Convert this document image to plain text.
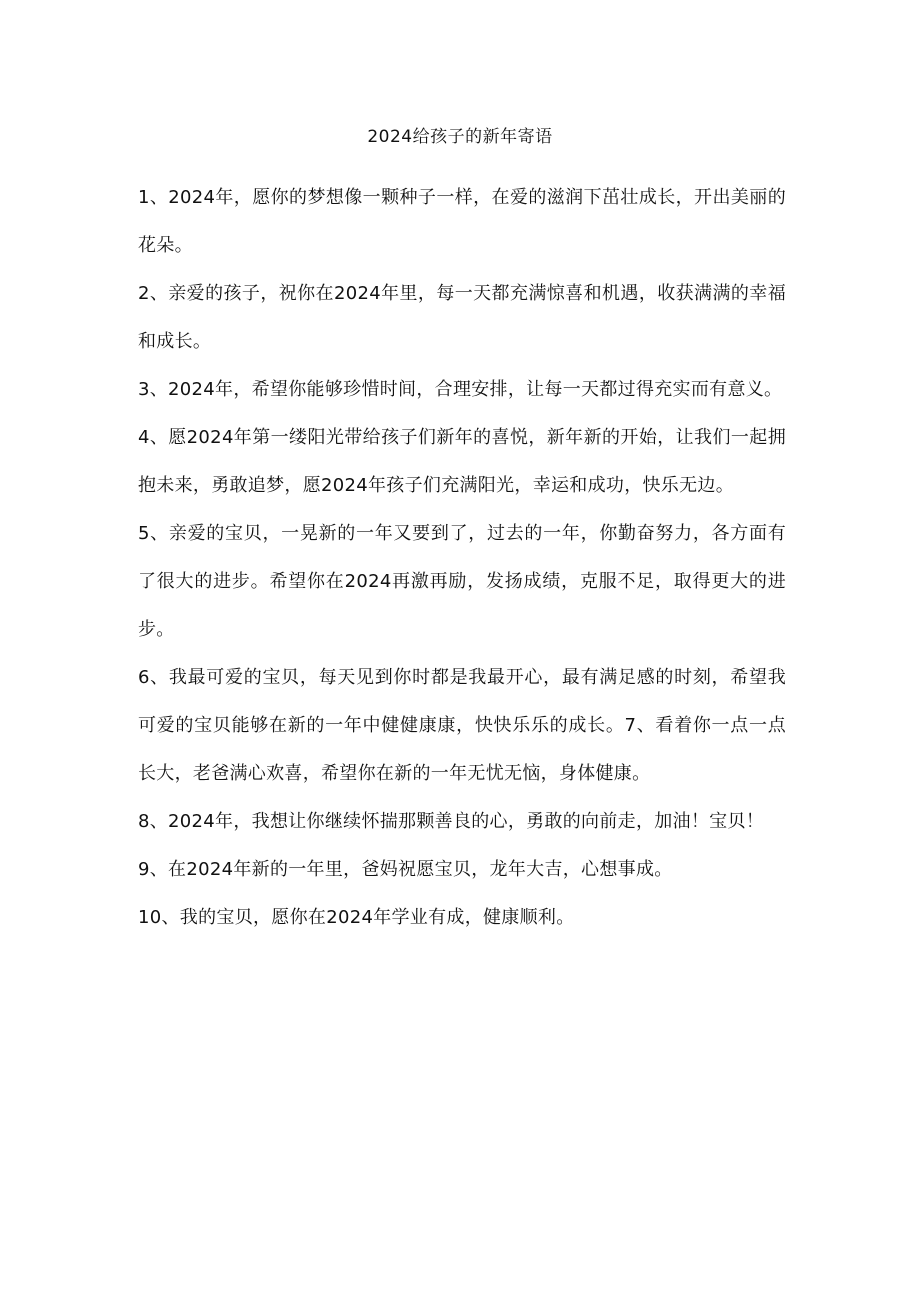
2024给孩子的新年寄语

1、2024年，愿你的梦想像一颗种子一样，在爱的滋润下茁壮成长，开出美丽的花朵。

2、亲爱的孩子，祝你在2024年里，每一天都充满惊喜和机遇，收获满满的幸福和成长。

3、2024年，希望你能够珍惜时间，合理安排，让每一天都过得充实而有意义。

4、愿2024年第一缕阳光带给孩子们新年的喜悦，新年新的开始，让我们一起拥抱未来，勇敢追梦，愿2024年孩子们充满阳光，幸运和成功，快乐无边。

5、亲爱的宝贝，一晃新的一年又要到了，过去的一年，你勤奋努力，各方面有了很大的进步。希望你在2024再激再励，发扬成绩，克服不足，取得更大的进步。

6、我最可爱的宝贝，每天见到你时都是我最开心，最有满足感的时刻，希望我可爱的宝贝能够在新的一年中健健康康，快快乐乐的成长。7、看着你一点一点长大，老爸满心欢喜，希望你在新的一年无忧无恼，身体健康。

8、2024年，我想让你继续怀揣那颗善良的心，勇敢的向前走，加油！宝贝！

9、在2024年新的一年里，爸妈祝愿宝贝，龙年大吉，心想事成。

10、我的宝贝，愿你在2024年学业有成，健康顺利。
